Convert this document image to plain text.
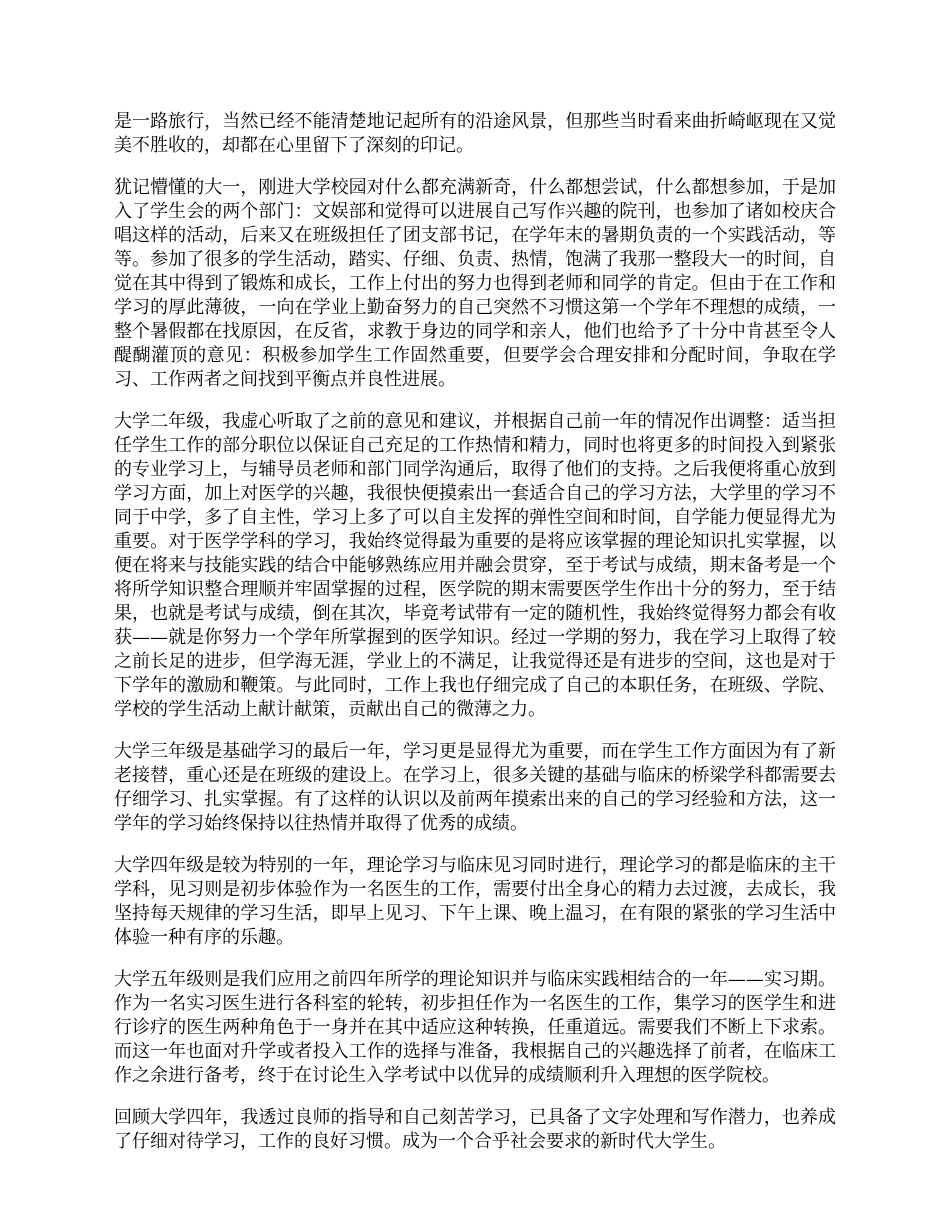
是一路旅行，当然已经不能清楚地记起所有的沿途风景，但那些当时看来曲折崎岖现在又觉美不胜收的，却都在心里留下了深刻的印记。

犹记懵懂的大一，刚进大学校园对什么都充满新奇，什么都想尝试，什么都想参加，于是加入了学生会的两个部门：文娱部和觉得可以进展自己写作兴趣的院刊，也参加了诸如校庆合唱这样的活动，后来又在班级担任了团支部书记，在学年末的暑期负责的一个实践活动，等等。参加了很多的学生活动，踏实、仔细、负责、热情，饱满了我那一整段大一的时间，自觉在其中得到了锻炼和成长，工作上付出的努力也得到老师和同学的肯定。但由于在工作和学习的厚此薄彼，一向在学业上勤奋努力的自己突然不习惯这第一个学年不理想的成绩，一整个暑假都在找原因，在反省，求教于身边的同学和亲人，他们也给予了十分中肯甚至令人醍醐灌顶的意见：积极参加学生工作固然重要，但要学会合理安排和分配时间，争取在学习、工作两者之间找到平衡点并良性进展。

大学二年级，我虚心听取了之前的意见和建议，并根据自己前一年的情况作出调整：适当担任学生工作的部分职位以保证自己充足的工作热情和精力，同时也将更多的时间投入到紧张的专业学习上，与辅导员老师和部门同学沟通后，取得了他们的支持。之后我便将重心放到学习方面，加上对医学的兴趣，我很快便摸索出一套适合自己的学习方法，大学里的学习不同于中学，多了自主性，学习上多了可以自主发挥的弹性空间和时间，自学能力便显得尤为重要。对于医学学科的学习，我始终觉得最为重要的是将应该掌握的理论知识扎实掌握，以便在将来与技能实践的结合中能够熟练应用并融会贯穿，至于考试与成绩，期末备考是一个将所学知识整合理顺并牢固掌握的过程，医学院的期末需要医学生作出十分的努力，至于结果，也就是考试与成绩，倒在其次，毕竟考试带有一定的随机性，我始终觉得努力都会有收获——就是你努力一个学年所掌握到的医学知识。经过一学期的努力，我在学习上取得了较之前长足的进步，但学海无涯，学业上的不满足，让我觉得还是有进步的空间，这也是对于下学年的激励和鞭策。与此同时，工作上我也仔细完成了自己的本职任务，在班级、学院、学校的学生活动上献计献策，贡献出自己的微薄之力。

大学三年级是基础学习的最后一年，学习更是显得尤为重要，而在学生工作方面因为有了新老接替，重心还是在班级的建设上。在学习上，很多关键的基础与临床的桥梁学科都需要去仔细学习、扎实掌握。有了这样的认识以及前两年摸索出来的自己的学习经验和方法，这一学年的学习始终保持以往热情并取得了优秀的成绩。

大学四年级是较为特别的一年，理论学习与临床见习同时进行，理论学习的都是临床的主干学科，见习则是初步体验作为一名医生的工作，需要付出全身心的精力去过渡，去成长，我坚持每天规律的学习生活，即早上见习、下午上课、晚上温习，在有限的紧张的学习生活中体验一种有序的乐趣。

大学五年级则是我们应用之前四年所学的理论知识并与临床实践相结合的一年——实习期。作为一名实习医生进行各科室的轮转，初步担任作为一名医生的工作，集学习的医学生和进行诊疗的医生两种角色于一身并在其中适应这种转换，任重道远。需要我们不断上下求索。而这一年也面对升学或者投入工作的选择与准备，我根据自己的兴趣选择了前者，在临床工作之余进行备考，终于在讨论生入学考试中以优异的成绩顺利升入理想的医学院校。

回顾大学四年，我透过良师的指导和自己刻苦学习，已具备了文字处理和写作潜力，也养成了仔细对待学习，工作的良好习惯。成为一个合乎社会要求的新时代大学生。
